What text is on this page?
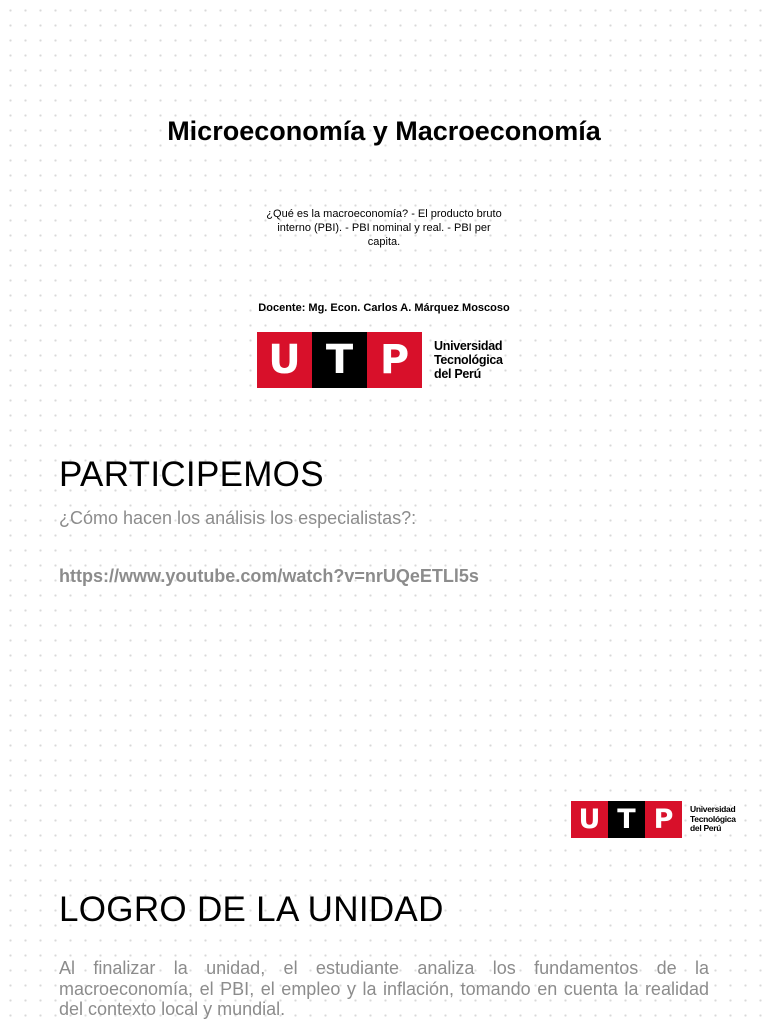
Microeconomía y Macroeconomía
¿Qué es la macroeconomía? - El producto bruto interno (PBI). - PBI nominal y real. - PBI per capita.
Docente: Mg. Econ. Carlos A. Márquez Moscoso
U T P	Universidad
Tecnológica
del Perú
PARTICIPEMOS
¿Cómo hacen los análisis los especialistas?:
https://www.youtube.com/watch?v=nrUQeETLl5s
U T P	Universidad
Tecnológica
del Perú
LOGRO DE LA UNIDAD
Al finalizar la unidad, el estudiante analiza los fundamentos de la macroeconomía, el PBI, el empleo y la inflación, tomando en cuenta la realidad del contexto local y mundial.
